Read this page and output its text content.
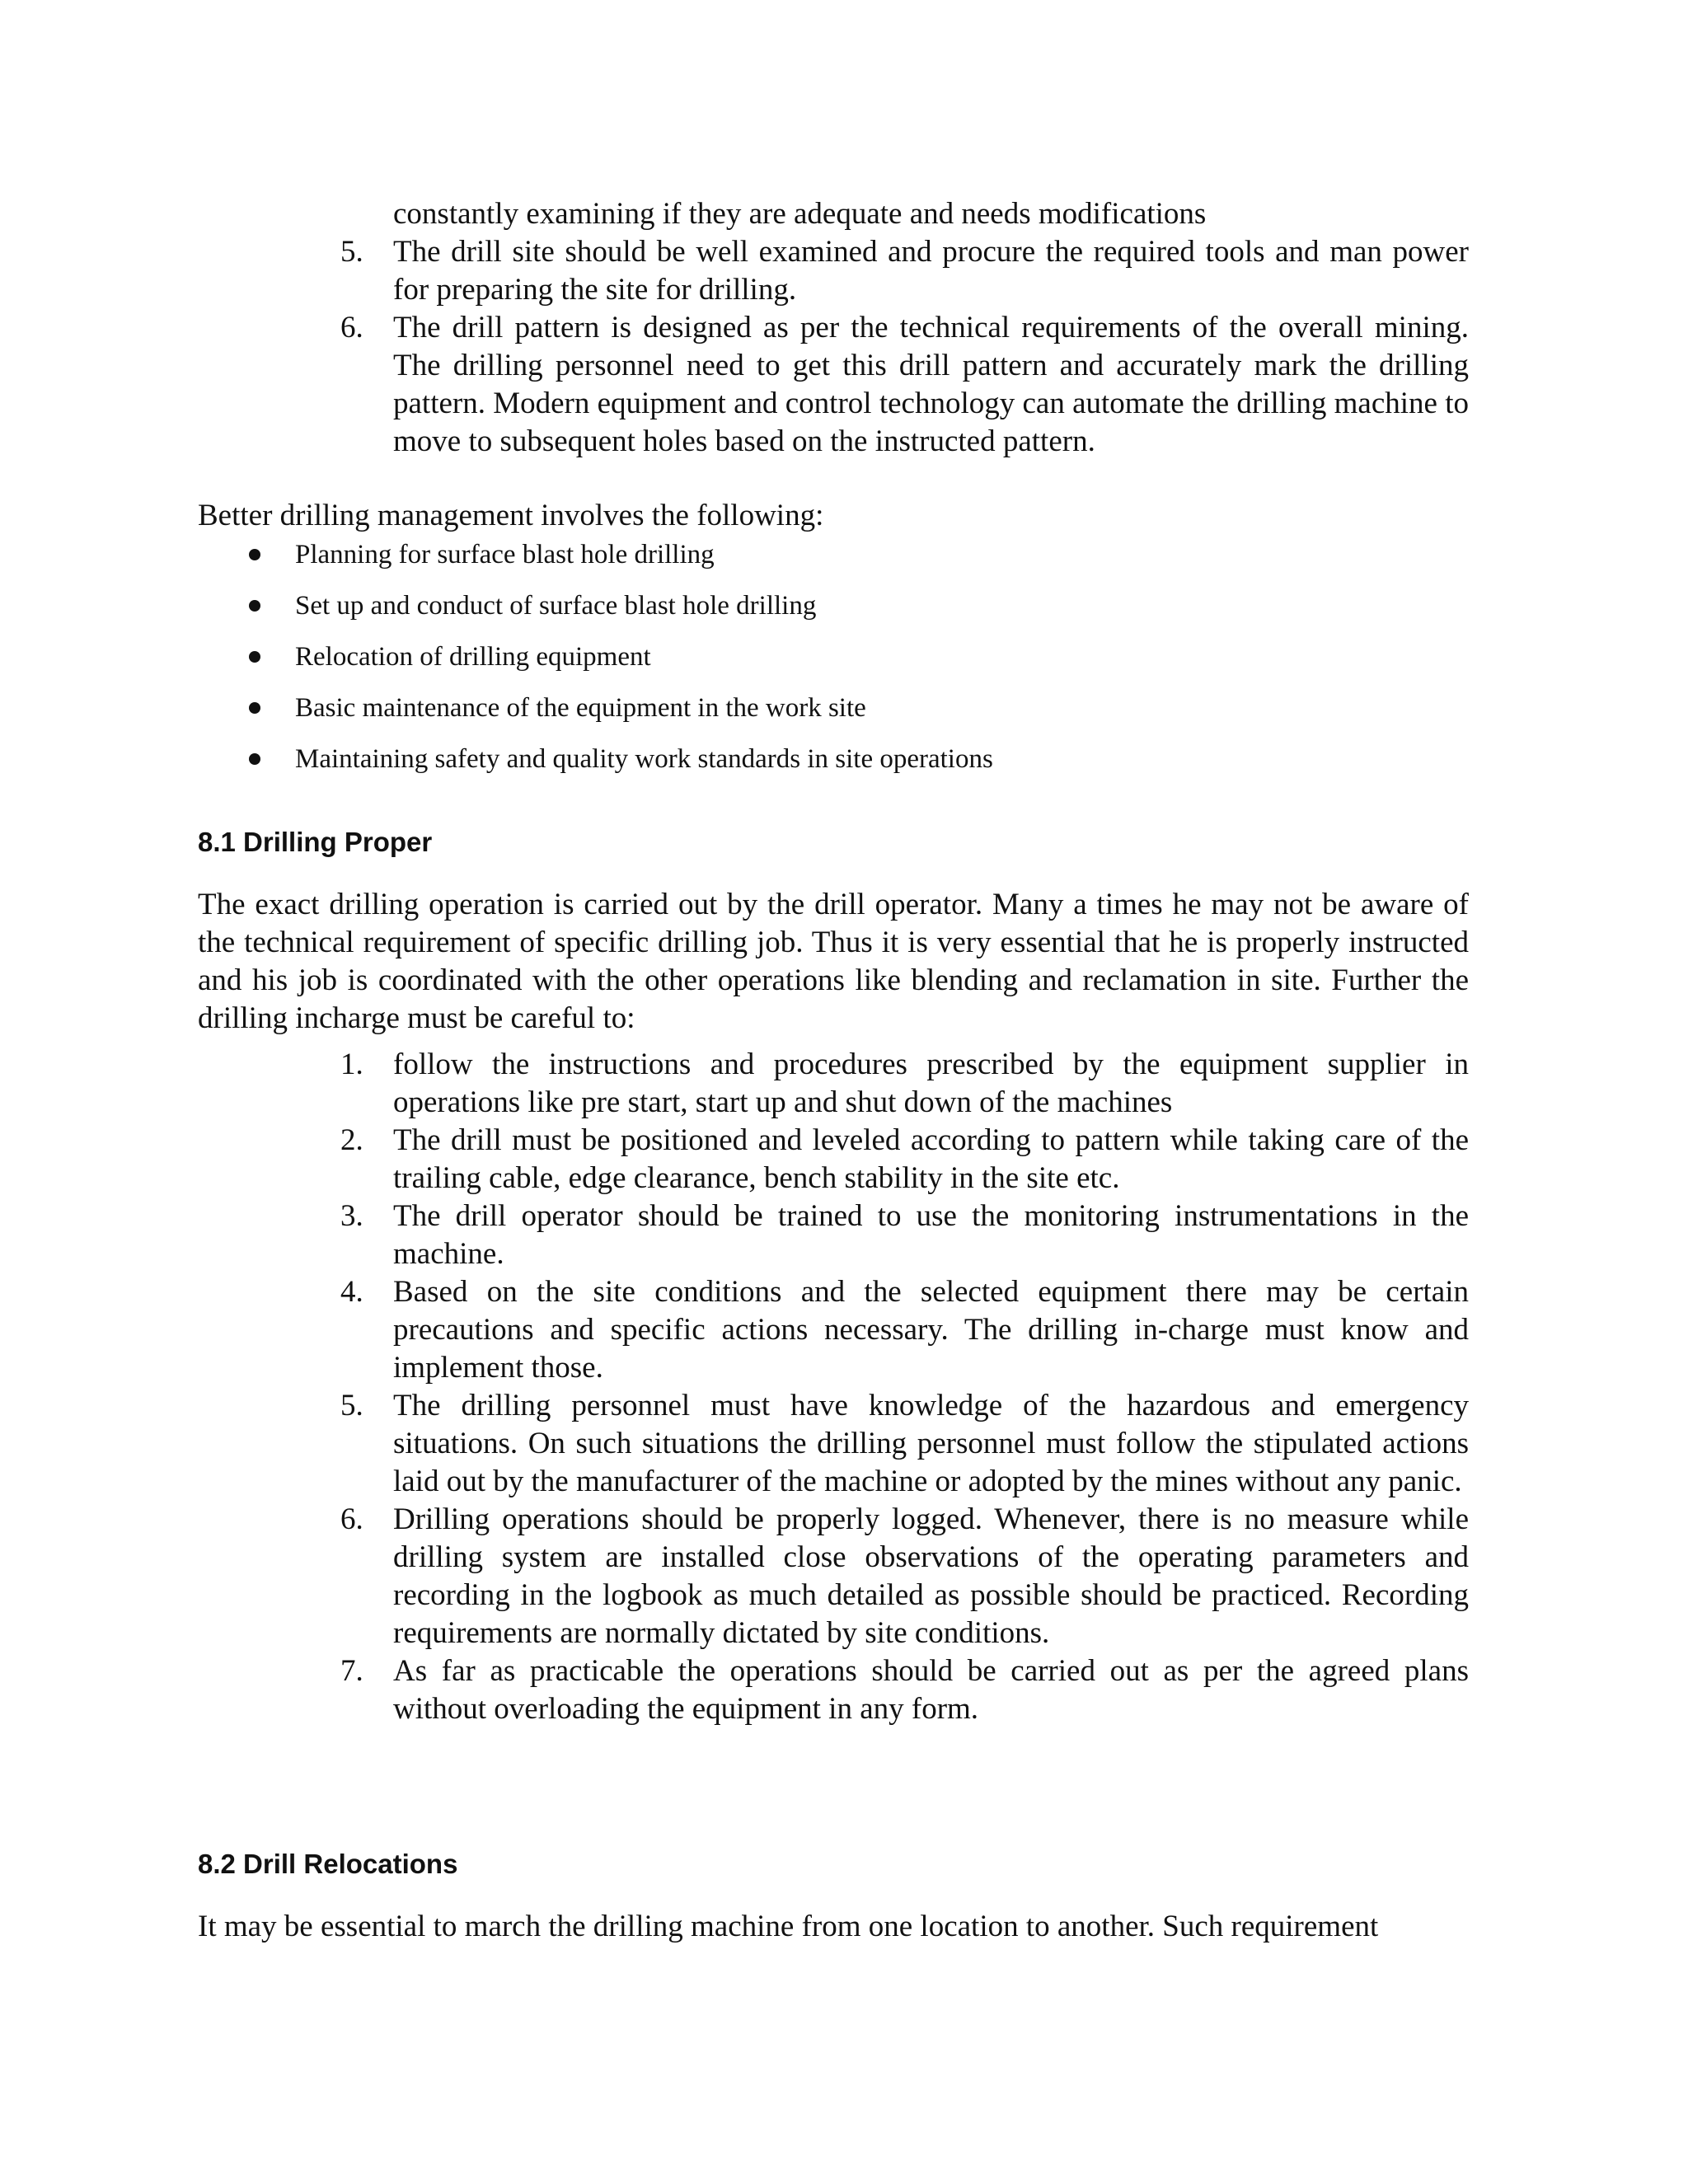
constantly examining if they are adequate and needs modifications
5. The drill site should be well examined and procure the required tools and man power for preparing the site for drilling.
6. The drill pattern is designed as per the technical requirements of the overall mining. The drilling personnel need to get this drill pattern and accurately mark the drilling pattern. Modern equipment and control technology can automate the drilling machine to move to subsequent holes based on the instructed pattern.

Better drilling management involves the following:

Planning for surface blast hole drilling
Set up and conduct of surface blast hole drilling
Relocation of drilling equipment
Basic maintenance of the equipment in the work site
Maintaining safety and quality work standards in site operations
8.1 Drilling Proper

The exact drilling operation is carried out by the drill operator. Many a times he may not be aware of the technical requirement of specific drilling job. Thus it is very essential that he is properly instructed and his job is coordinated with the other operations like blending and reclamation in site. Further the drilling incharge must be careful to:

1. follow the instructions and procedures prescribed by the equipment supplier in operations like pre start, start up and shut down of the machines
2. The drill must be positioned and leveled according to pattern while taking care of the trailing cable, edge clearance, bench stability in the site etc.
3. The drill operator should be trained to use the monitoring instrumentations in the machine.
4. Based on the site conditions and the selected equipment there may be certain precautions and specific actions necessary. The drilling in-charge must know and implement those.
5. The drilling personnel must have knowledge of the hazardous and emergency situations. On such situations the drilling personnel must follow the stipulated actions laid out by the manufacturer of the machine or adopted by the mines without any panic.
6. Drilling operations should be properly logged. Whenever, there is no measure while drilling system are installed close observations of the operating parameters and recording in the logbook as much detailed as possible should be practiced. Recording requirements are normally dictated by site conditions.
7. As far as practicable the operations should be carried out as per the agreed plans without overloading the equipment in any form.
8.2 Drill Relocations

It may be essential to march the drilling machine from one location to another. Such requirement
